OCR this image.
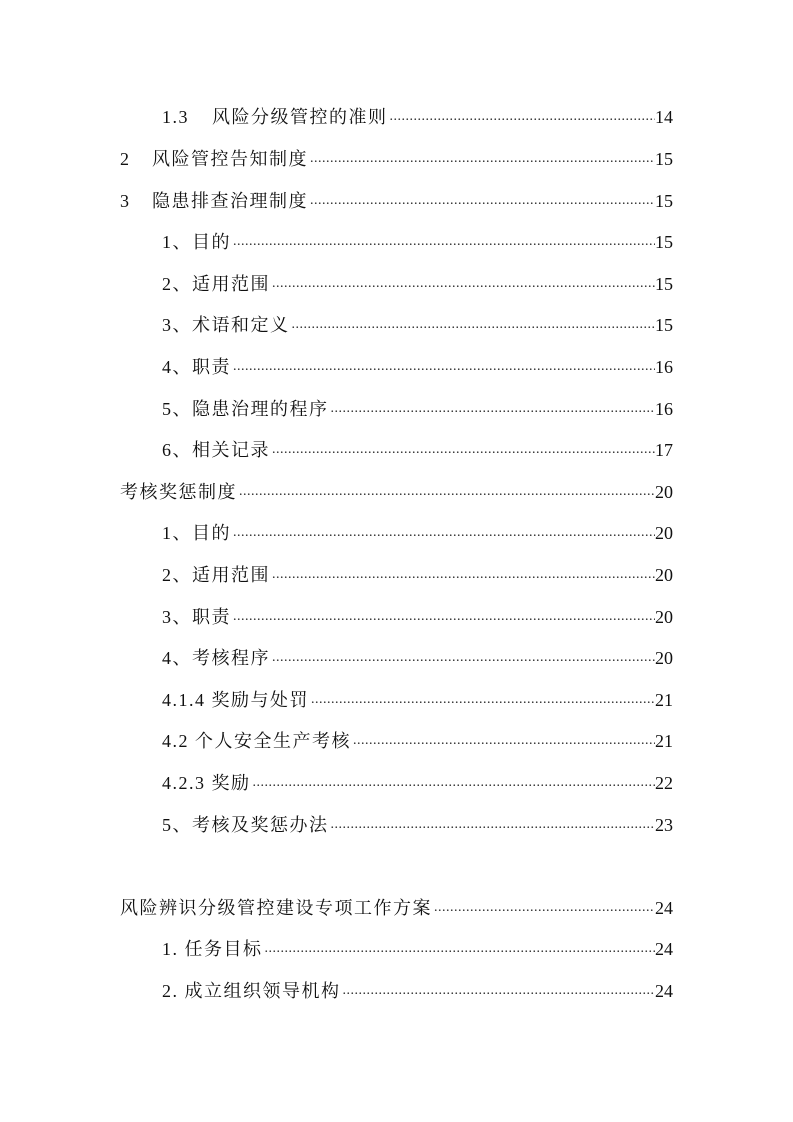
1.3 风险分级管控的准则 .....	14
2 风险管控告知制度 .....	15
3 隐患排查治理制度 .....	15
1、目的 .....	15
2、适用范围 .....	15
3、术语和定义 .....	15
4、职责 .....	16
5、隐患治理的程序 .....	16
6、相关记录 .....	17
考核奖惩制度 .....	20
1、目的 .....	20
2、适用范围 .....	20
3、职责 .....	20
4、考核程序 .....	20
4.1.4 奖励与处罚 .....	21
4.2 个人安全生产考核 .....	21
4.2.3 奖励 .....	22
5、考核及奖惩办法 .....	23
风险辨识分级管控建设专项工作方案 .....	24
1. 任务目标 .....	24
2. 成立组织领导机构 .....	24
